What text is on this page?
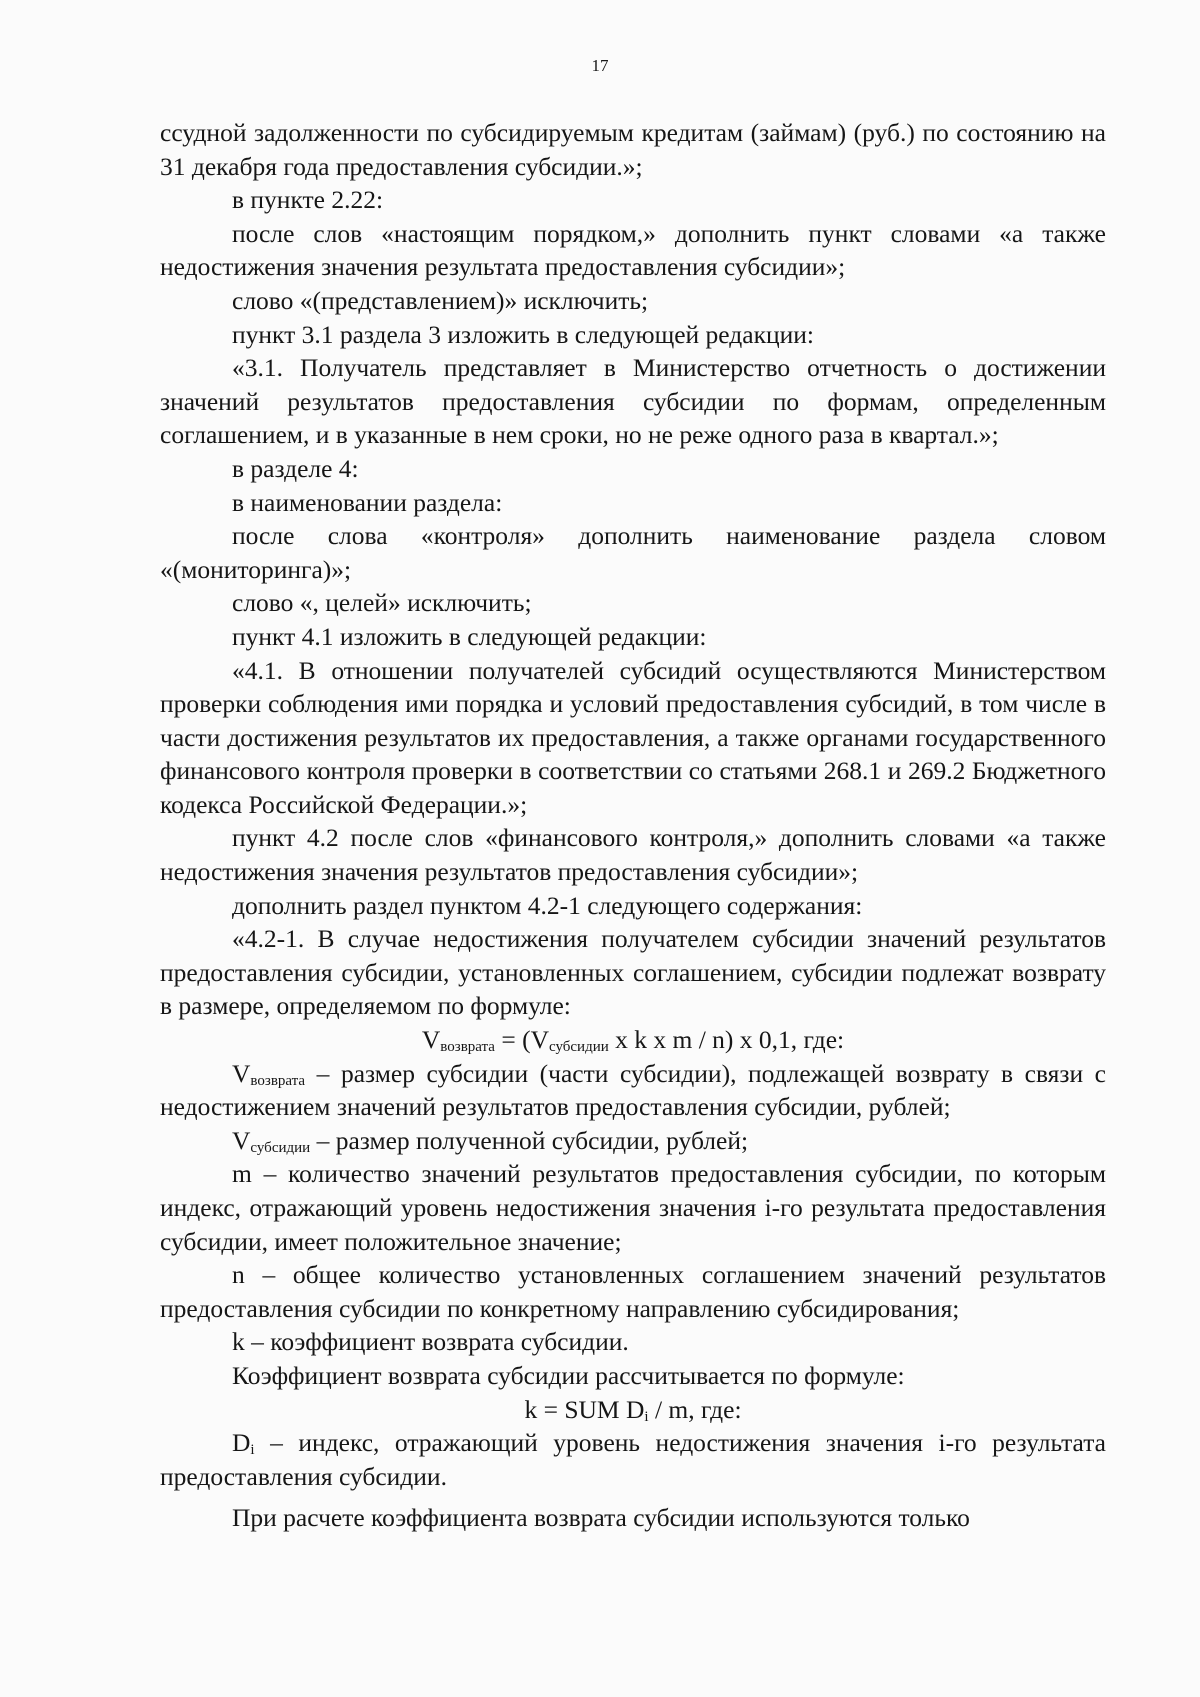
17

ссудной задолженности по субсидируемым кредитам (займам) (руб.) по состоянию на 31 декабря года предоставления субсидии.»;

в пункте 2.22:

после слов «настоящим порядком,» дополнить пункт словами «а также недостижения значения результата предоставления субсидии»;

слово «(представлением)» исключить;

пункт 3.1 раздела 3 изложить в следующей редакции:

«3.1. Получатель представляет в Министерство отчетность о достижении значений результатов предоставления субсидии по формам, определенным соглашением, и в указанные в нем сроки, но не реже одного раза в квартал.»;

в разделе 4:

в наименовании раздела:

после слова «контроля» дополнить наименование раздела словом «(мониторинга)»;

слово «, целей» исключить;

пункт 4.1 изложить в следующей редакции:

«4.1. В отношении получателей субсидий осуществляются Министерством проверки соблюдения ими порядка и условий предоставления субсидий, в том числе в части достижения результатов их предоставления, а также органами государственного финансового контроля проверки в соответствии со статьями 268.1 и 269.2 Бюджетного кодекса Российской Федерации.»;

пункт 4.2 после слов «финансового контроля,» дополнить словами «а также недостижения значения результатов предоставления субсидии»;

дополнить раздел пунктом 4.2-1 следующего содержания:

«4.2-1. В случае недостижения получателем субсидии значений результатов предоставления субсидии, установленных соглашением, субсидии подлежат возврату в размере, определяемом по формуле:

$V_{возврата} = (V_{субсидии}$ x k x m / n) x 0,1, где:

$V_{возврата}$ – размер субсидии (части субсидии), подлежащей возврату в связи с недостижением значений результатов предоставления субсидии, рублей;

$V_{субсидии}$ – размер полученной субсидии, рублей;

m – количество значений результатов предоставления субсидии, по которым индекс, отражающий уровень недостижения значения i-го результата предоставления субсидии, имеет положительное значение;

n – общее количество установленных соглашением значений результатов предоставления субсидии по конкретному направлению субсидирования;

k – коэффициент возврата субсидии.

Коэффициент возврата субсидии рассчитывается по формуле:

k = SUM $D_i$ / m, где:

$D_i$ – индекс, отражающий уровень недостижения значения i-го результата предоставления субсидии.

При расчете коэффициента возврата субсидии используются только
